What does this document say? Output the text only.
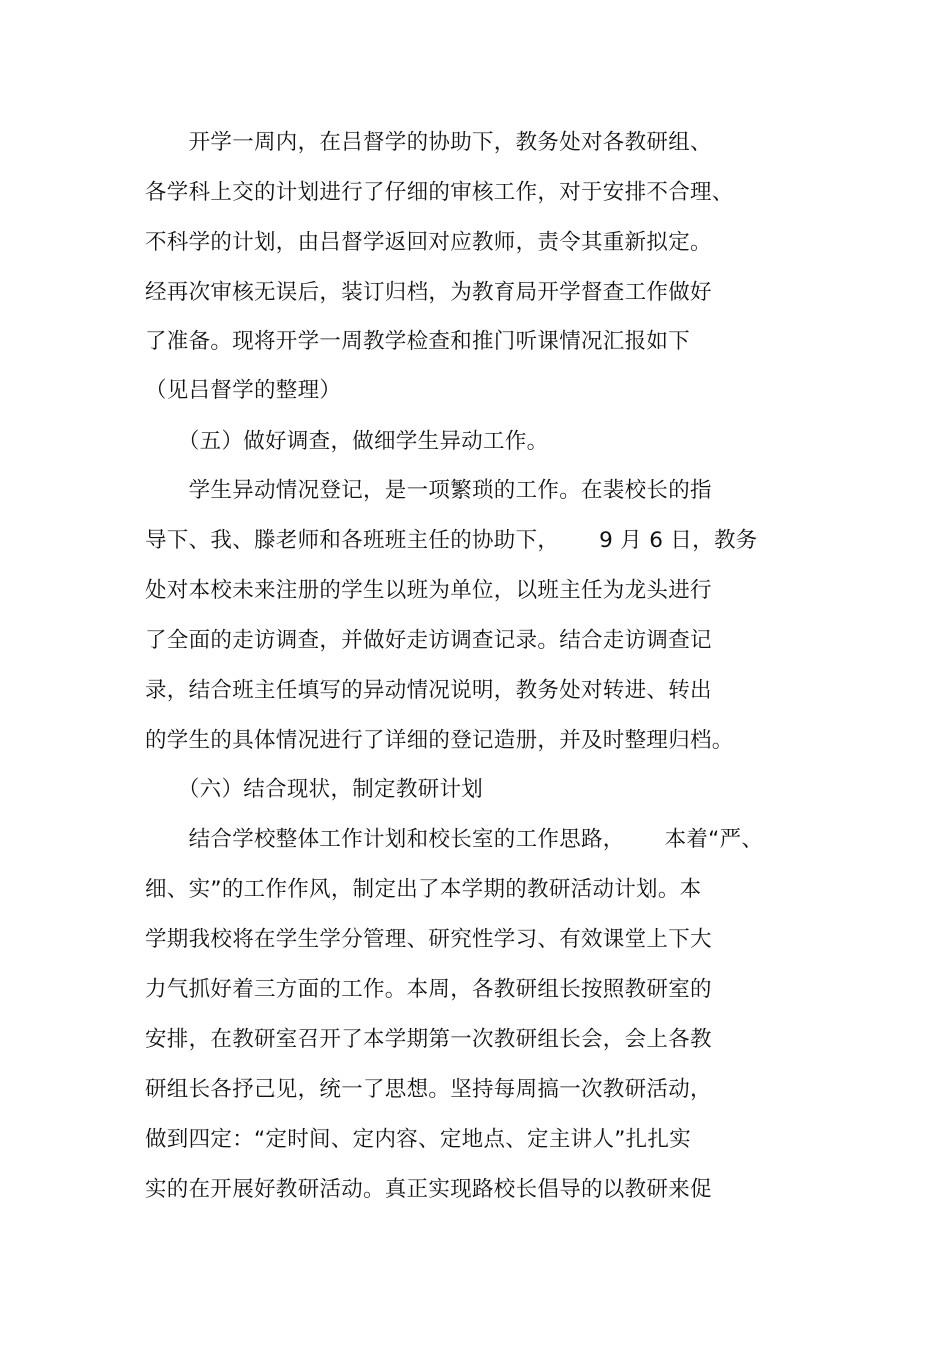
　　开学一周内，在吕督学的协助下，教务处对各教研组、
各学科上交的计划进行了仔细的审核工作，对于安排不合理、
不科学的计划，由吕督学返回对应教师，责令其重新拟定。
经再次审核无误后，装订归档，为教育局开学督查工作做好
了准备。现将开学一周教学检查和推门听课情况汇报如下
（见吕督学的整理）
　　（五）做好调查，做细学生异动工作。
　　学生异动情况登记，是一项繁琐的工作。在裴校长的指
导下、我、滕老师和各班班主任的协助下，　　 9 月 6 日，教务
处对本校未来注册的学生以班为单位，以班主任为龙头进行
了全面的走访调查，并做好走访调查记录。结合走访调查记
录，结合班主任填写的异动情况说明，教务处对转进、转出
的学生的具体情况进行了详细的登记造册，并及时整理归档。
　　（六）结合现状，制定教研计划
　　结合学校整体工作计划和校长室的工作思路，　　 本着“严、
细、实”的工作作风，制定出了本学期的教研活动计划。本
学期我校将在学生学分管理、研究性学习、有效课堂上下大
力气抓好着三方面的工作。本周，各教研组长按照教研室的
安排，在教研室召开了本学期第一次教研组长会，会上各教
研组长各抒己见，统一了思想。坚持每周搞一次教研活动，
做到四定：“定时间、定内容、定地点、定主讲人”扎扎实
实的在开展好教研活动。真正实现路校长倡导的以教研来促
